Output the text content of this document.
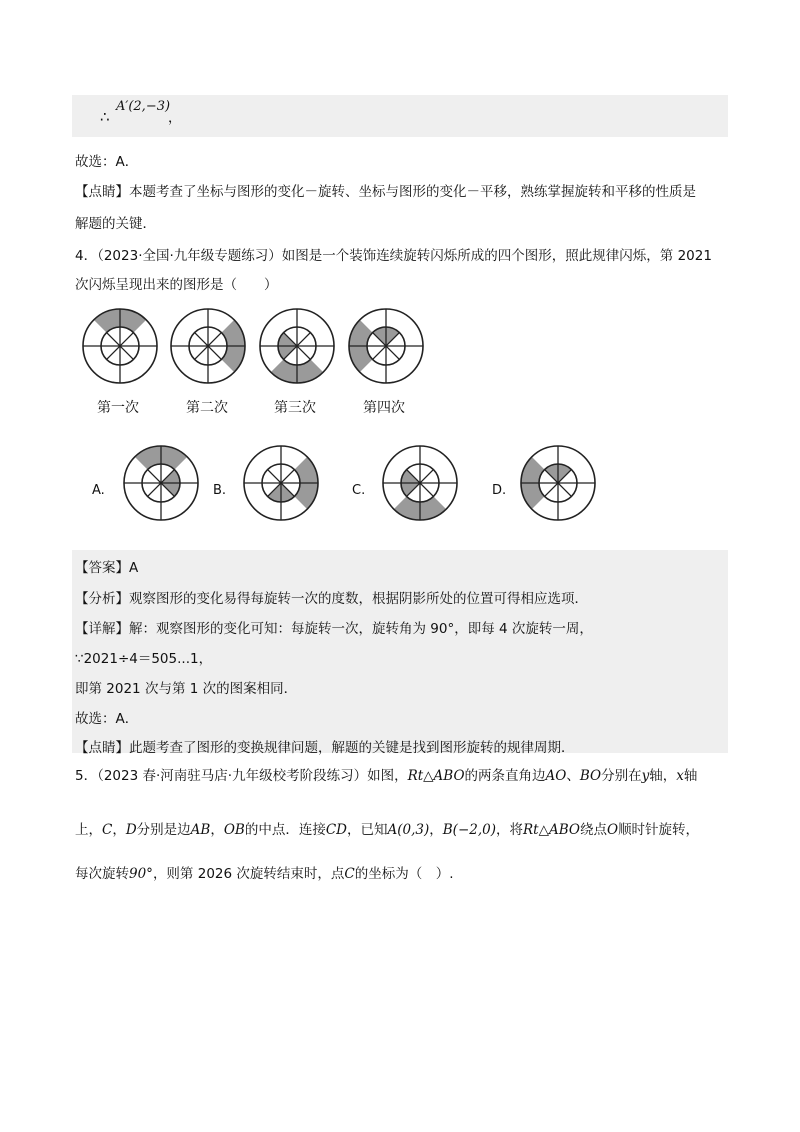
∴
A′(2,−3)
，
故选：A．
【点睛】本题考查了坐标与图形的变化－旋转、坐标与图形的变化－平移，熟练掌握旋转和平移的性质是
解题的关键．
4．（2023·全国·九年级专题练习）如图是一个装饰连续旋转闪烁所成的四个图形，照此规律闪烁，第 2021
次闪烁呈现出来的图形是（　　）
第一次	第二次	第三次	第四次
A.	B.	C.	D.
【答案】A
【分析】观察图形的变化易得每旋转一次的度数，根据阴影所处的位置可得相应选项．
【详解】解：观察图形的变化可知：每旋转一次，旋转角为 90°，即每 4 次旋转一周，
∵2021÷4＝505...1，
即第 2021 次与第 1 次的图案相同．
故选：A．
【点睛】此题考查了图形的变换规律问题，解题的关键是找到图形旋转的规律周期．
5．（2023 春·河南驻马店·九年级校考阶段练习）如图，Rt△ABO的两条直角边AO、BO分别在y轴，x轴
上，C，D分别是边AB，OB的中点．连接CD，已知A(0,3)，B(−2,0)，将Rt△ABO绕点O顺时针旋转，
每次旋转90°，则第 2026 次旋转结束时，点C的坐标为（　）.
